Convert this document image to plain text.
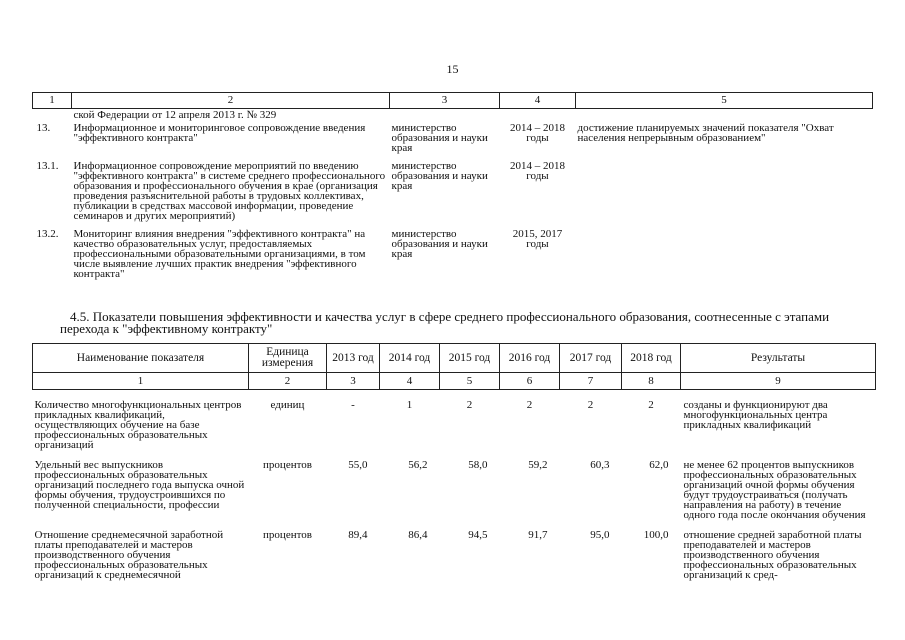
15
1	2	3	4	5
	ской Федерации от 12 апреля 2013 г. № 329			
13.	Информационное и мониторинговое сопровождение введения "эффективного контракта"	министерство образования и науки края	2014 – 2018 годы	достижение планируемых значений показателя "Охват населения непрерывным образованием"
13.1.	Информационное сопровождение мероприятий по введению "эффективного контракта" в системе среднего профессионального образования и профессионального обучения в крае (организация проведения разъяснительной работы в трудовых коллективах, публикации в средствах массовой информации, проведение семинаров и других мероприятий)	министерство образования и науки края	2014 – 2018 годы	
13.2.	Мониторинг влияния внедрения "эффективного контракта" на качество образовательных услуг, предоставляемых профессиональными образовательными организациями, в том числе выявление лучших практик внедрения "эффективного контракта"	министерство образования и науки края	2015, 2017 годы	
4.5. Показатели повышения эффективности и качества услуг в сфере среднего профессионального образования, соотнесенные с этапами перехода к "эффективному контракту"
Наименование показателя	Единица измерения	2013 год	2014 год	2015 год	2016 год	2017 год	2018 год	Результаты
1	2	3	4	5	6	7	8	9
Количество многофункциональных центров прикладных квалификаций, осуществляющих обучение на базе профессиональных образовательных организаций	единиц	-	1	2	2	2	2	созданы и функционируют два многофункциональных центра прикладных квалификаций
Удельный вес выпускников профессиональных образовательных организаций последнего года выпуска очной формы обучения, трудоустроившихся по полученной специальности, профессии	процентов	55,0	56,2	58,0	59,2	60,3	62,0	не менее 62 процентов выпускников профессиональных образовательных организаций очной формы обучения будут трудоустраиваться (получать направления на работу) в течение одного года после окончания обучения
Отношение среднемесячной заработной платы преподавателей и мастеров производственного обучения профессиональных образовательных организаций к среднемесячной	процентов	89,4	86,4	94,5	91,7	95,0	100,0	отношение средней заработной платы преподавателей и мастеров производственного обучения профессиональных образовательных организаций к сред-
